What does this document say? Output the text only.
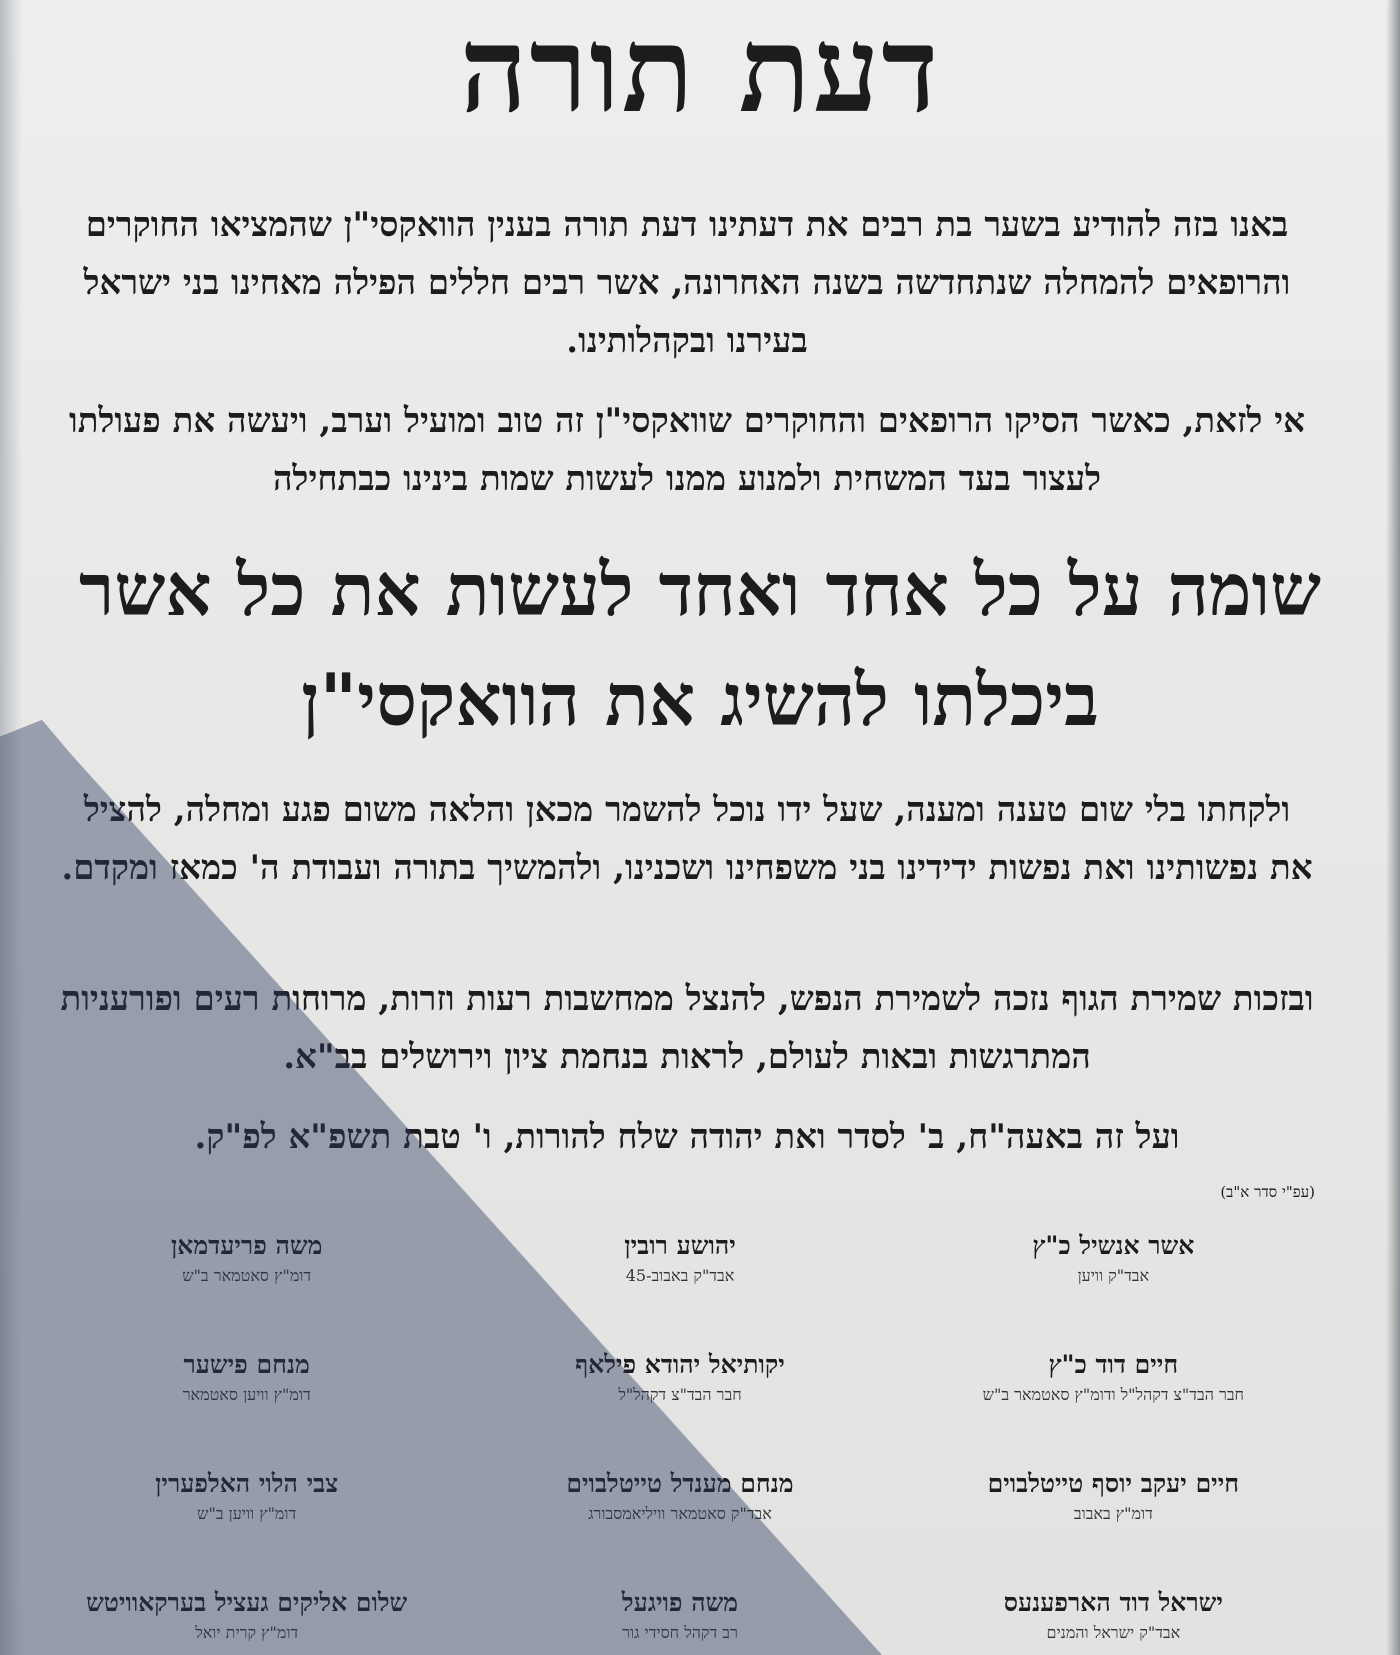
דעת תורה

באנו בזה להודיע בשער בת רבים את דעתינו דעת תורה בענין הוואקסי"ן שהמציאו החוקרים והרופאים להמחלה שנתחדשה בשנה האחרונה, אשר רבים חללים הפילה מאחינו בני ישראל בעירנו ובקהלותינו.

אי לזאת, כאשר הסיקו הרופאים והחוקרים שוואקסי"ן זה טוב ומועיל וערב, ויעשה את פעולתו לעצור בעד המשחית ולמנוע ממנו לעשות שמות בינינו כבתחילה

שומה על כל אחד ואחד לעשות את כל אשר ביכלתו להשיג את הוואקסי"ן

ולקחתו בלי שום טענה ומענה, שעל ידו נוכל להשמר מכאן והלאה משום פגע ומחלה, להציל את נפשותינו ואת נפשות ידידינו בני משפחינו ושכנינו, ולהמשיך בתורה ועבודת ה' כמאז ומקדם.

ובזכות שמירת הגוף נזכה לשמירת הנפש, להנצל ממחשבות רעות וזרות, מרוחות רעים ופורעניות המתרגשות ובאות לעולם, לראות בנחמת ציון וירושלים בב"א.

ועל זה באעה"ח, ב' לסדר ואת יהודה שלח להורות, ו' טבת תשפ"א לפ"ק.

(עפ"י סדר א"ב)

אשר אנשיל כ"ץ
אבד"ק וויען
יהושע רובין
אבד"ק באבוב-45
משה פריעדמאן
דומ"ץ סאטמאר ב"ש
חיים דוד כ"ץ
חבר הבד"צ דקהל"ל ודומ"ץ סאטמאר ב"ש
יקותיאל יהודא פילאף
חבר הבד"צ דקהל"ל
מנחם פישער
דומ"ץ וויען סאטמאר
חיים יעקב יוסף טייטלבוים
דומ"ץ באבוב
מנחם מענדל טייטלבוים
אבד"ק סאטמאר וויליאמסבורג
צבי הלוי האלפערין
דומ"ץ וויען ב"ש
ישראל דוד הארפענעס
אבד"ק ישראל והמנים
משה פויגעל
רב דקהל חסידי גור
שלום אליקים געציל בערקאוויטש
דומ"ץ קרית יואל
